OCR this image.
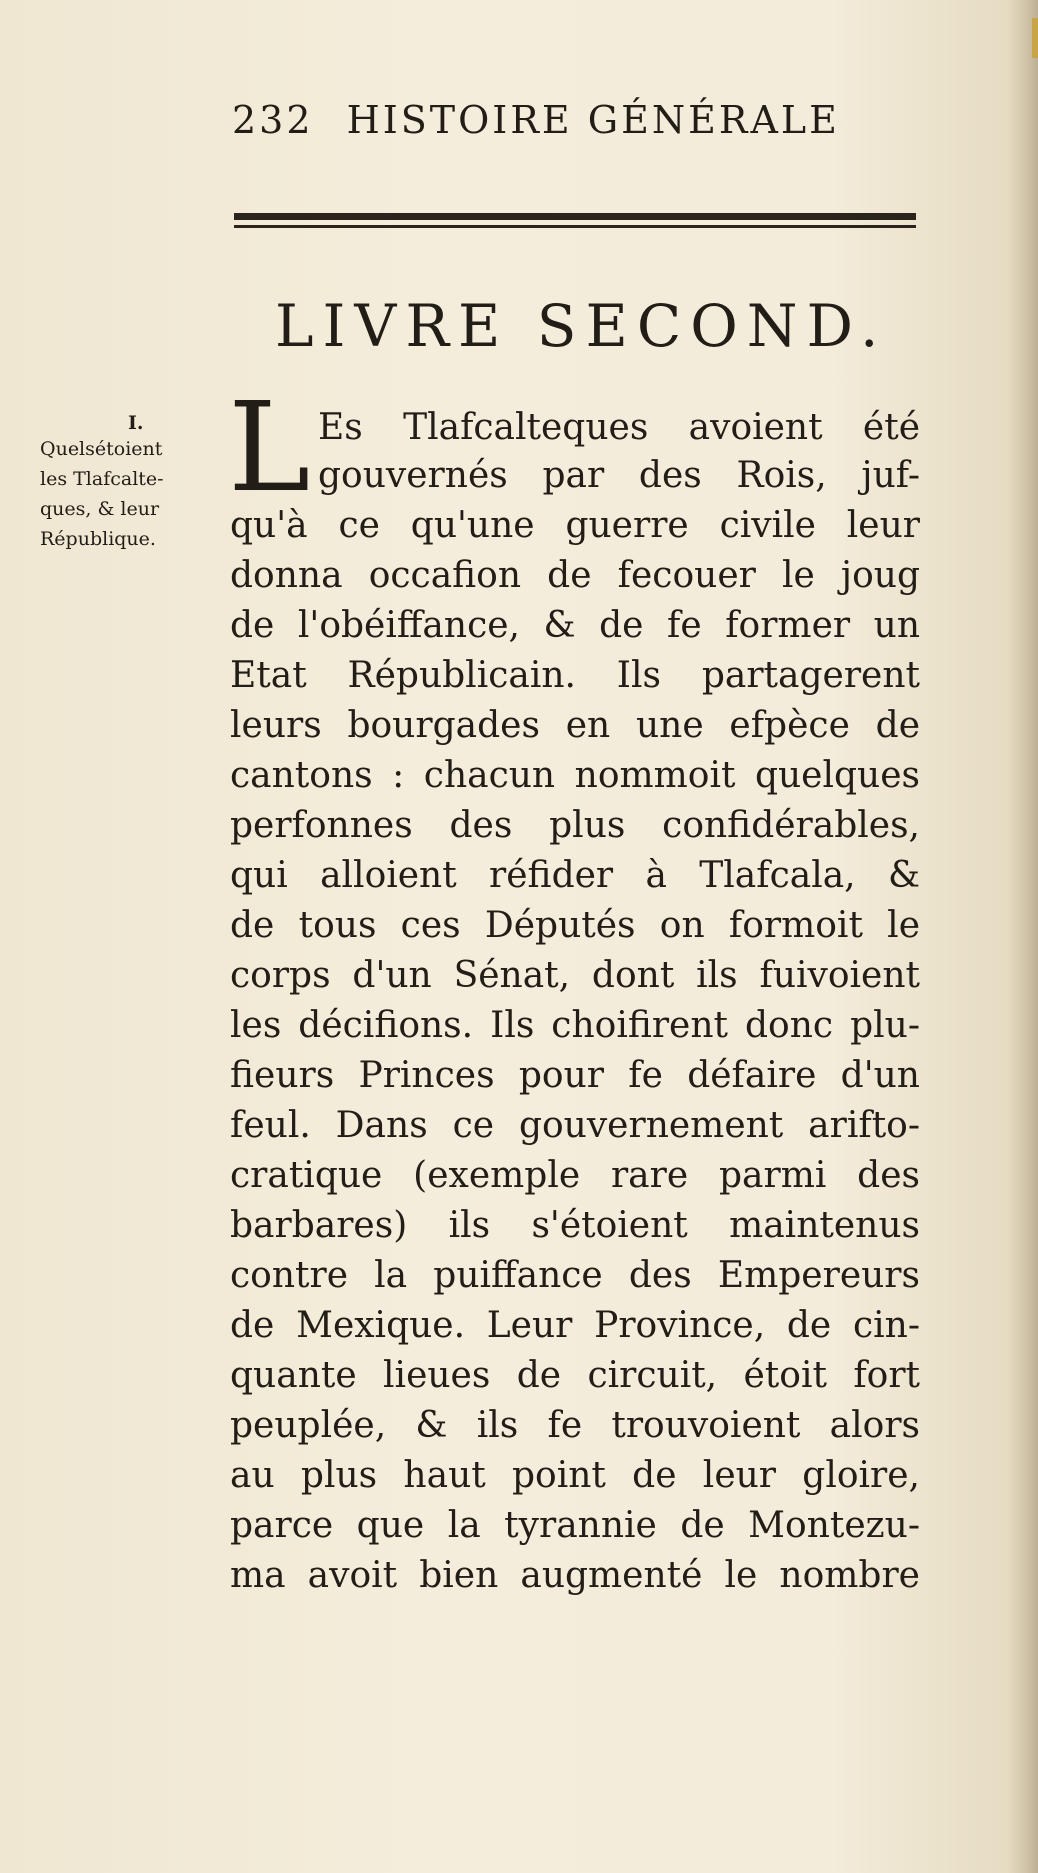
232 HISTOIRE GÉNÉRALE
LIVRE SECOND.
I.
Quelsétoient
les Tlafcalte-
ques, & leur
République.
L Es Tlafcalteques avoient été
gouvernés par des Rois, juf-
qu'à ce qu'une guerre civile leur
donna occafion de fecouer le joug
de l'obéiffance, & de fe former un
Etat Républicain. Ils partagerent
leurs bourgades en une efpèce de
cantons : chacun nommoit quelques
perfonnes des plus confidérables,
qui alloient réfider à Tlafcala, &
de tous ces Députés on formoit le
corps d'un Sénat, dont ils fuivoient
les décifions. Ils choifirent donc plu-
fieurs Princes pour fe défaire d'un
feul. Dans ce gouvernement arifto-
cratique (exemple rare parmi des
barbares) ils s'étoient maintenus
contre la puiffance des Empereurs
de Mexique. Leur Province, de cin-
quante lieues de circuit, étoit fort
peuplée, & ils fe trouvoient alors
au plus haut point de leur gloire,
parce que la tyrannie de Montezu-
ma avoit bien augmenté le nombre
